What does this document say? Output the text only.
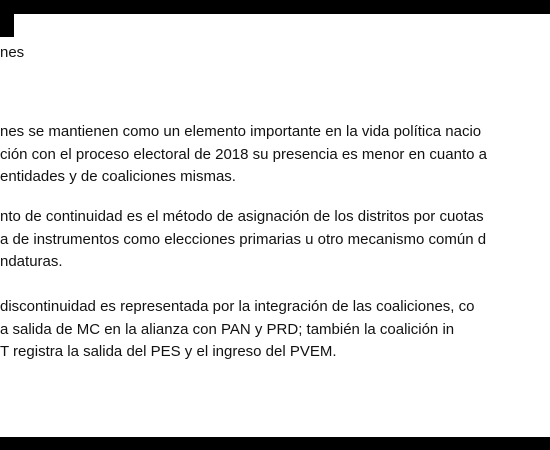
nes
nes se mantienen como un elemento importante en la vida política nacio
ción con el proceso electoral de 2018 su presencia es menor en cuanto a
entidades y de coaliciones mismas.
nto de continuidad es el método de asignación de los distritos por cuotas
a de instrumentos como elecciones primarias u otro mecanismo común d
ndaturas.
discontinuidad es representada por la integración de las coaliciones, co
a salida de MC en la alianza con PAN y PRD; también la coalición in
T registra la salida del PES y el ingreso del PVEM.
